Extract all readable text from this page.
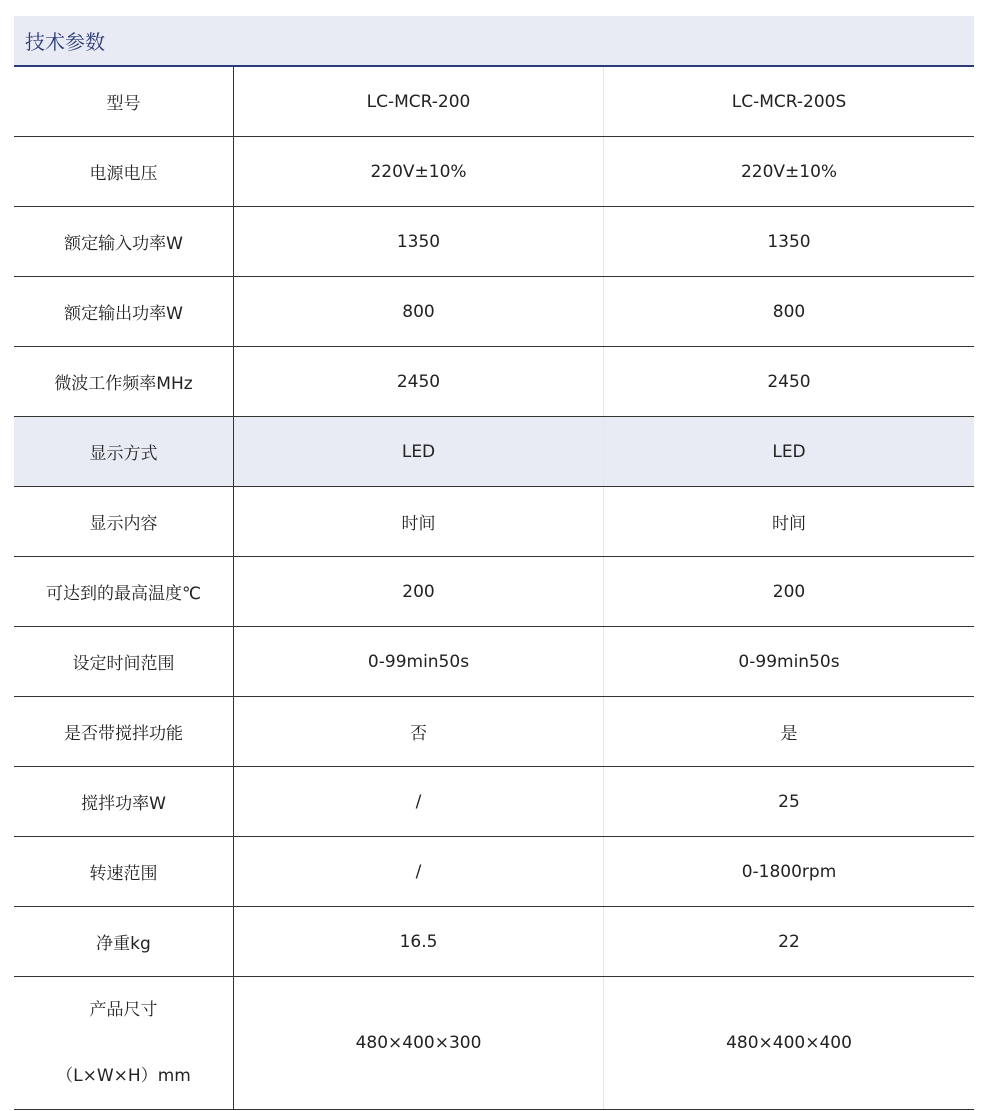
技术参数
型号	LC-MCR-200	LC-MCR-200S
电源电压	220V±10%	220V±10%
额定输入功率W	1350	1350
额定输出功率W	800	800
微波工作频率MHz	2450	2450
显示方式	LED	LED
显示内容	时间	时间
可达到的最高温度℃	200	200
设定时间范围	0-99min50s	0-99min50s
是否带搅拌功能	否	是
搅拌功率W	/	25
转速范围	/	0-1800rpm
净重kg	16.5	22

产品尺寸
（L×W×H）mm	480×400×300	480×400×400
